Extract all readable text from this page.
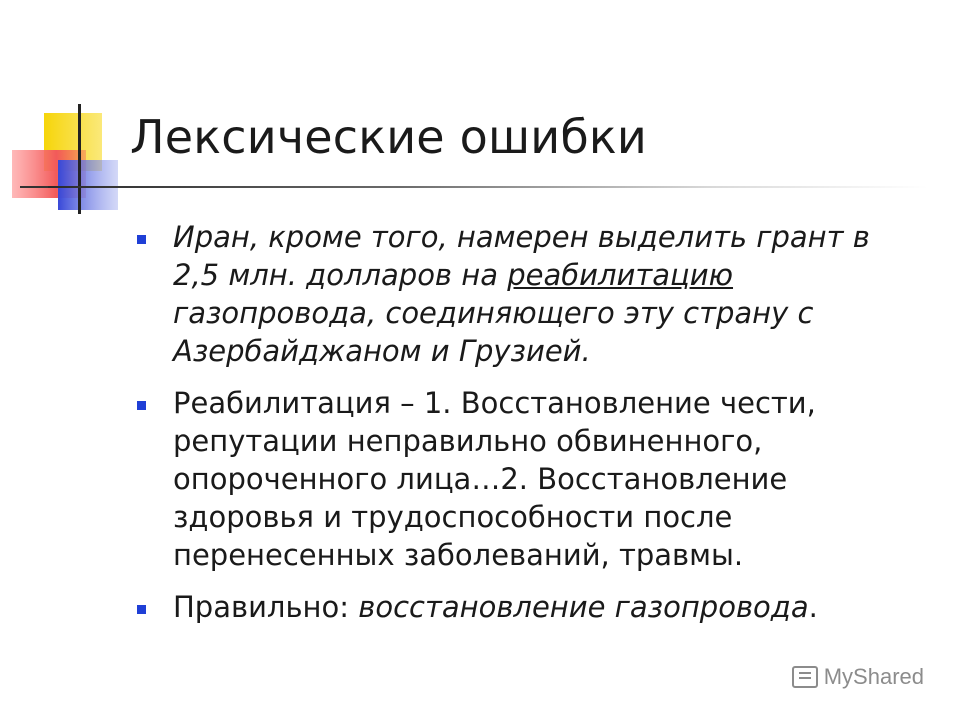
Лексические ошибки
Иран, кроме того, намерен выделить грант в 2,5 млн. долларов на реабилитацию газопровода, соединяющего эту страну с Азербайджаном и Грузией.
Реабилитация – 1. Восстановление чести, репутации неправильно обвиненного, опороченного лица…2. Восстановление здоровья и трудоспособности после перенесенных заболеваний, травмы.
Правильно: восстановление газопровода.
MyShared
